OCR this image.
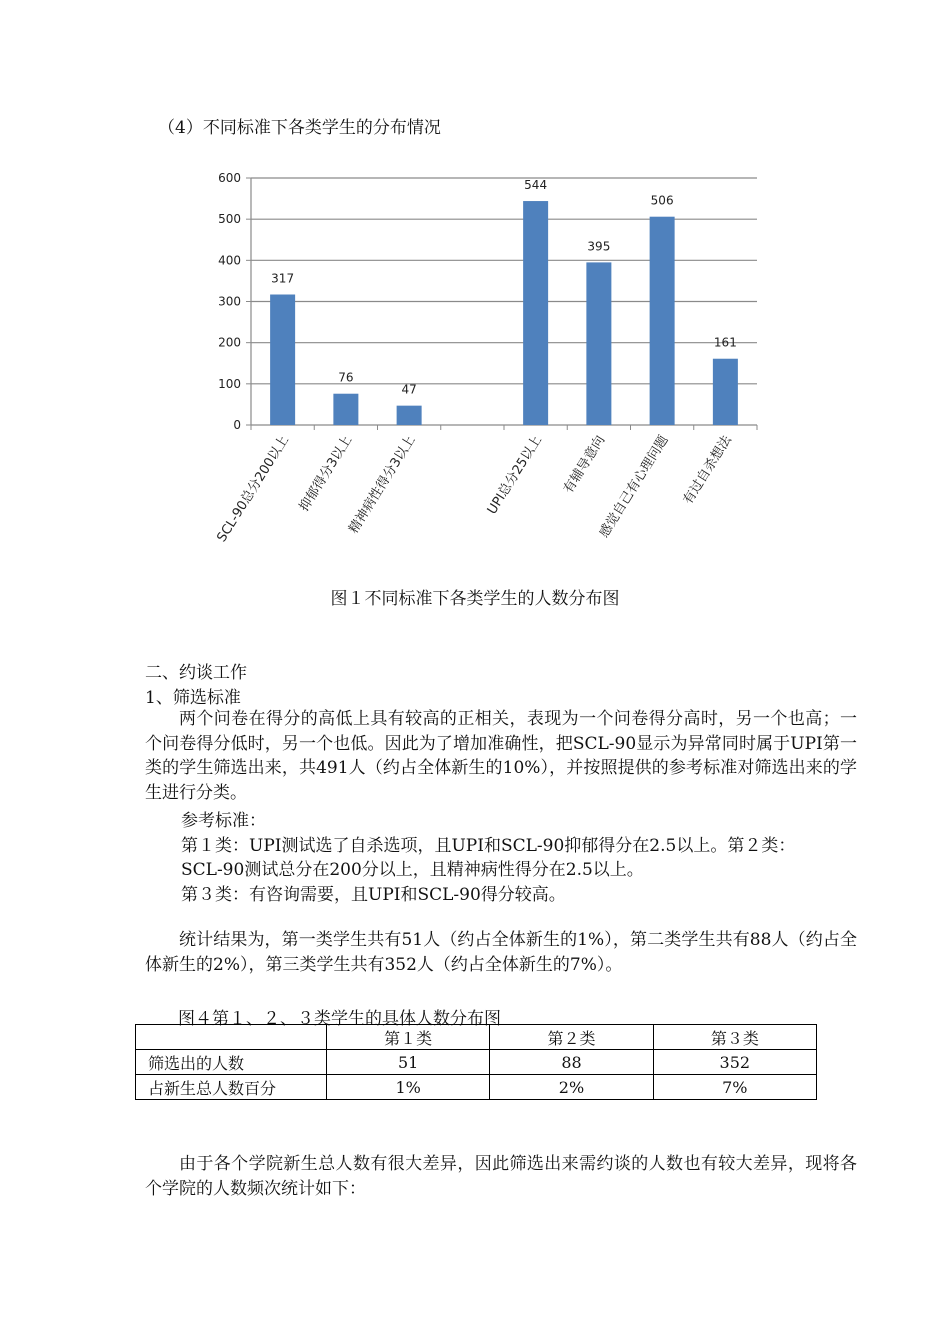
（4）不同标准下各类学生的分布情况
0
100
200
300
400
500
600
317
76
47
544
395
506
161
SCL-90总分200以上 抑郁得分3以上
精神病性得分3以上	UPI总分25以上 有辅导意向
感觉自己有心理问题 有过自杀想法
图１不同标准下各类学生的人数分布图
二、约谈工作
1、筛选标准
两个问卷在得分的高低上具有较高的正相关，表现为一个问卷得分高时，另一个也高；一个问卷得分低时，另一个也低。因此为了增加准确性，把SCL-90显示为异常同时属于UPI第一类的学生筛选出来，共491人（约占全体新生的10%），并按照提供的参考标准对筛选出来的学生进行分类。
参考标准：
第１类：UPI测试选了自杀选项，且UPI和SCL-90抑郁得分在2.5以上。第２类：
SCL-90测试总分在200分以上，且精神病性得分在2.5以上。
第３类：有咨询需要，且UPI和SCL-90得分较高。
统计结果为，第一类学生共有51人（约占全体新生的1%），第二类学生共有88人（约占全体新生的2%），第三类学生共有352人（约占全体新生的7%）。
图４第１、２、３类学生的具体人数分布图
	第１类	第２类	第３类
筛选出的人数	51	88	352
占新生总人数百分	1%	2%	7%
由于各个学院新生总人数有很大差异，因此筛选出来需约谈的人数也有较大差异，现将各个学院的人数频次统计如下：
